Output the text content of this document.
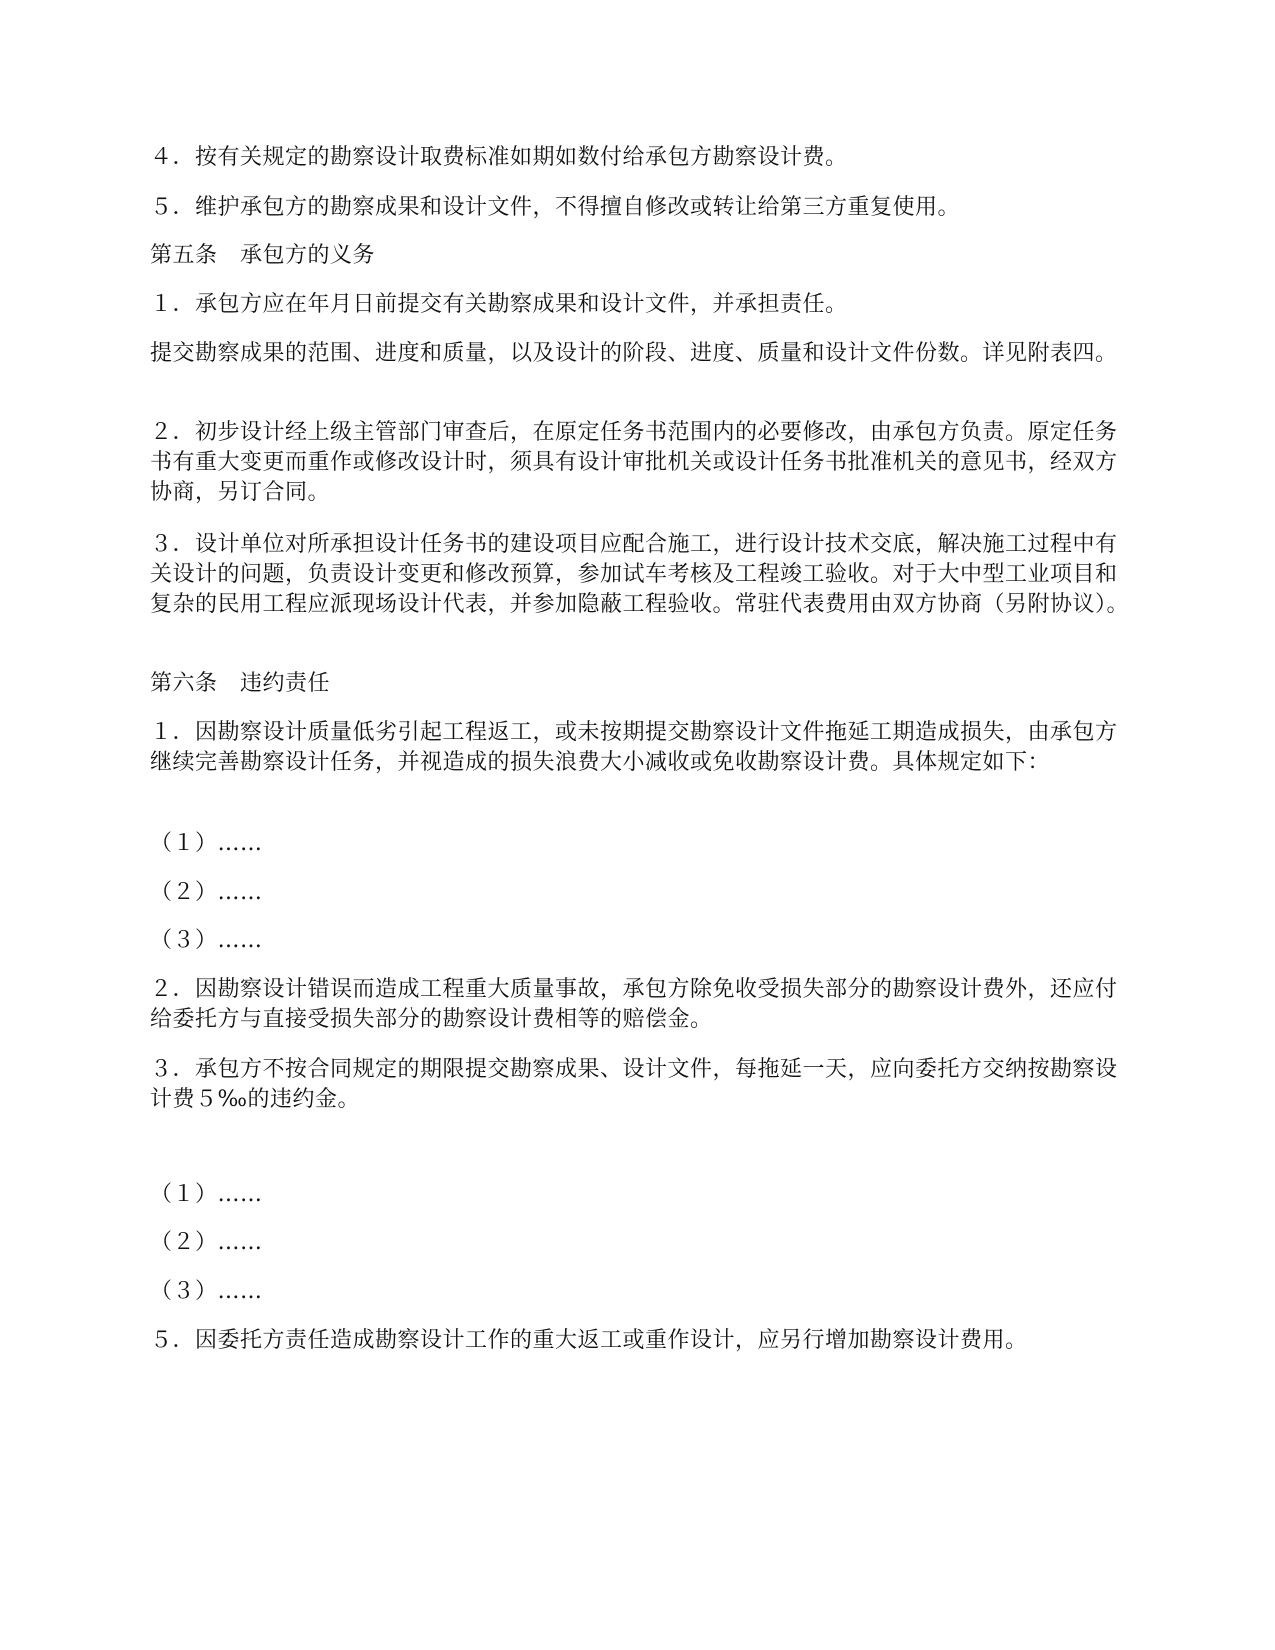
４．按有关规定的勘察设计取费标准如期如数付给承包方勘察设计费。
５．维护承包方的勘察成果和设计文件，不得擅自修改或转让给第三方重复使用。
第五条　承包方的义务
１．承包方应在年月日前提交有关勘察成果和设计文件，并承担责任。
提交勘察成果的范围、进度和质量，以及设计的阶段、进度、质量和设计文件份数。详见附表四。
２．初步设计经上级主管部门审查后，在原定任务书范围内的必要修改，由承包方负责。原定任务书有重大变更而重作或修改设计时，须具有设计审批机关或设计任务书批准机关的意见书，经双方协商，另订合同。
３．设计单位对所承担设计任务书的建设项目应配合施工，进行设计技术交底，解决施工过程中有关设计的问题，负责设计变更和修改预算，参加试车考核及工程竣工验收。对于大中型工业项目和复杂的民用工程应派现场设计代表，并参加隐蔽工程验收。常驻代表费用由双方协商（另附协议）。
第六条　违约责任
１．因勘察设计质量低劣引起工程返工，或未按期提交勘察设计文件拖延工期造成损失，由承包方继续完善勘察设计任务，并视造成的损失浪费大小减收或免收勘察设计费。具体规定如下：
（１）……
（２）……
（３）……
２．因勘察设计错误而造成工程重大质量事故，承包方除免收受损失部分的勘察设计费外，还应付给委托方与直接受损失部分的勘察设计费相等的赔偿金。
３．承包方不按合同规定的期限提交勘察成果、设计文件，每拖延一天，应向委托方交纳按勘察设计费５‰的违约金。
（１）……
（２）……
（３）……
５．因委托方责任造成勘察设计工作的重大返工或重作设计，应另行增加勘察设计费用。
